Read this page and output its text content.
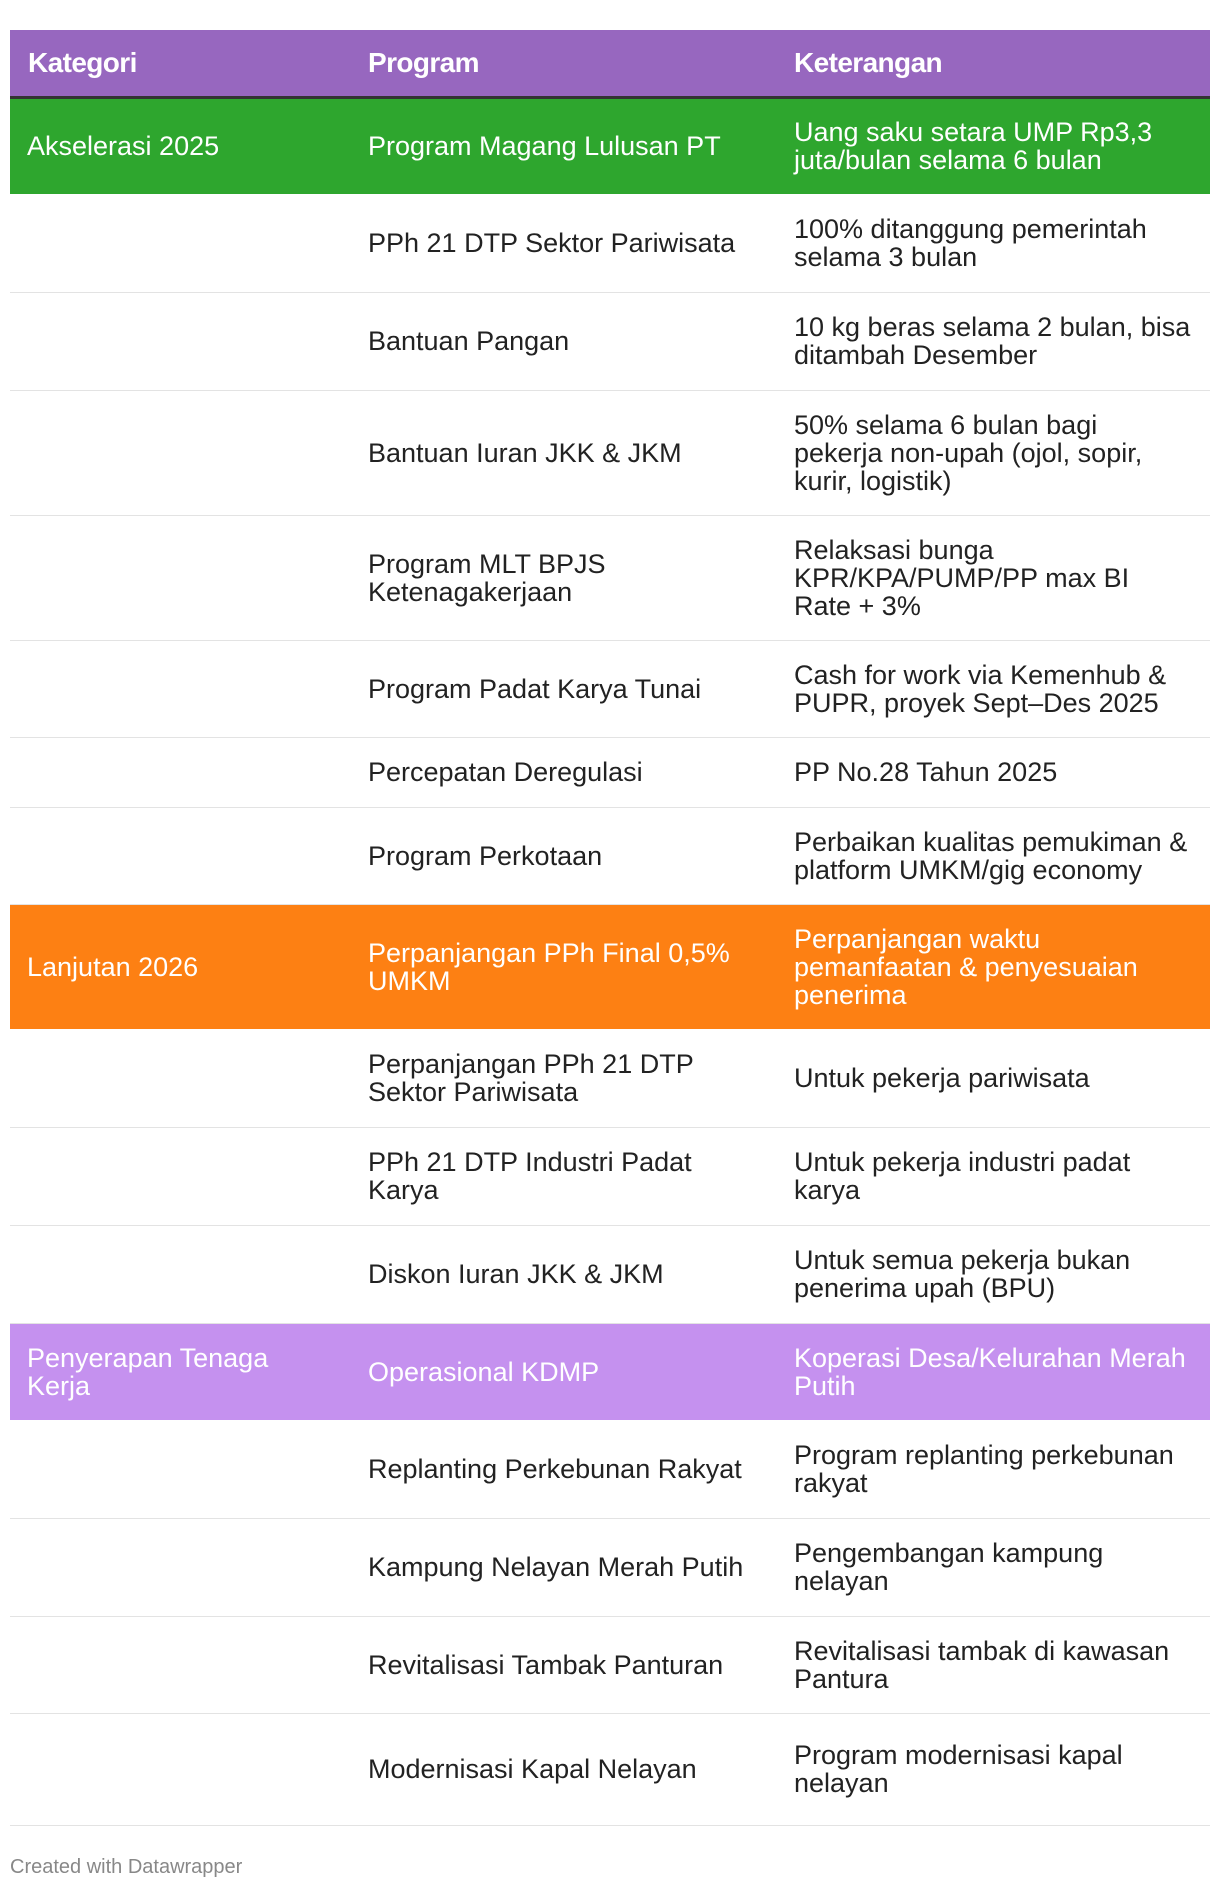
Kategori	Program	Keterangan
Akselerasi 2025	Program Magang Lulusan PT	Uang saku setara UMP Rp3,3 juta/bulan selama 6 bulan
	PPh 21 DTP Sektor Pariwisata	100% ditanggung pemerintah selama 3 bulan
	Bantuan Pangan	10 kg beras selama 2 bulan, bisa ditambah Desember
	Bantuan Iuran JKK & JKM	50% selama 6 bulan bagi pekerja non-upah (ojol, sopir, kurir, logistik)
	Program MLT BPJS Ketenagakerjaan	Relaksasi bunga KPR/KPA/PUMP/PP max BI Rate + 3%
	Program Padat Karya Tunai	Cash for work via Kemenhub & PUPR, proyek Sept–Des 2025
	Percepatan Deregulasi	PP No.28 Tahun 2025
	Program Perkotaan	Perbaikan kualitas pemukiman & platform UMKM/gig economy
Lanjutan 2026	Perpanjangan PPh Final 0,5% UMKM	Perpanjangan waktu pemanfaatan & penyesuaian penerima
	Perpanjangan PPh 21 DTP Sektor Pariwisata	Untuk pekerja pariwisata
	PPh 21 DTP Industri Padat Karya	Untuk pekerja industri padat karya
	Diskon Iuran JKK & JKM	Untuk semua pekerja bukan penerima upah (BPU)
Penyerapan Tenaga Kerja	Operasional KDMP	Koperasi Desa/Kelurahan Merah Putih
	Replanting Perkebunan Rakyat	Program replanting perkebunan rakyat
	Kampung Nelayan Merah Putih	Pengembangan kampung nelayan
	Revitalisasi Tambak Panturan	Revitalisasi tambak di kawasan Pantura
	Modernisasi Kapal Nelayan	Program modernisasi kapal nelayan
Created with Datawrapper
